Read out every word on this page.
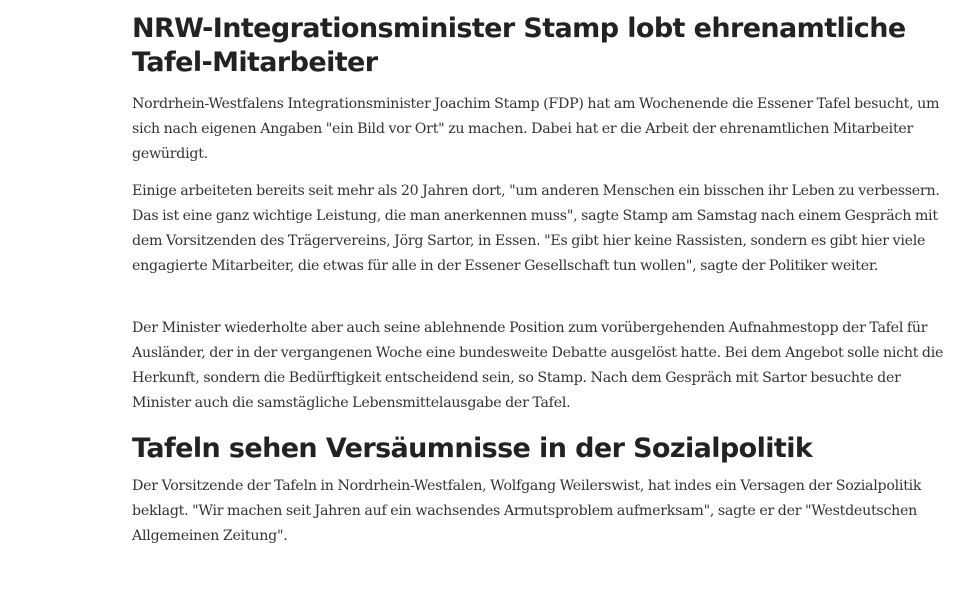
NRW-Integrationsminister Stamp lobt ehrenamtliche Tafel-Mitarbeiter

Nordrhein-Westfalens Integrationsminister Joachim Stamp (FDP) hat am Wochenende die Essener Tafel besucht, um sich nach eigenen Angaben "ein Bild vor Ort" zu machen. Dabei hat er die Arbeit der ehrenamtlichen Mitarbeiter gewürdigt.

Einige arbeiteten bereits seit mehr als 20 Jahren dort, "um anderen Menschen ein bisschen ihr Leben zu verbessern. Das ist eine ganz wichtige Leistung, die man anerkennen muss", sagte Stamp am Samstag nach einem Gespräch mit dem Vorsitzenden des Trägervereins, Jörg Sartor, in Essen. "Es gibt hier keine Rassisten, sondern es gibt hier viele engagierte Mitarbeiter, die etwas für alle in der Essener Gesellschaft tun wollen", sagte der Politiker weiter.

Der Minister wiederholte aber auch seine ablehnende Position zum vorübergehenden Aufnahmestopp der Tafel für Ausländer, der in der vergangenen Woche eine bundesweite Debatte ausgelöst hatte. Bei dem Angebot solle nicht die Herkunft, sondern die Bedürftigkeit entscheidend sein, so Stamp. Nach dem Gespräch mit Sartor besuchte der Minister auch die samstägliche Lebensmittelausgabe der Tafel.

Tafeln sehen Versäumnisse in der Sozialpolitik

Der Vorsitzende der Tafeln in Nordrhein-Westfalen, Wolfgang Weilerswist, hat indes ein Versagen der Sozialpolitik beklagt. "Wir machen seit Jahren auf ein wachsendes Armutsproblem aufmerksam", sagte er der "Westdeutschen Allgemeinen Zeitung".
